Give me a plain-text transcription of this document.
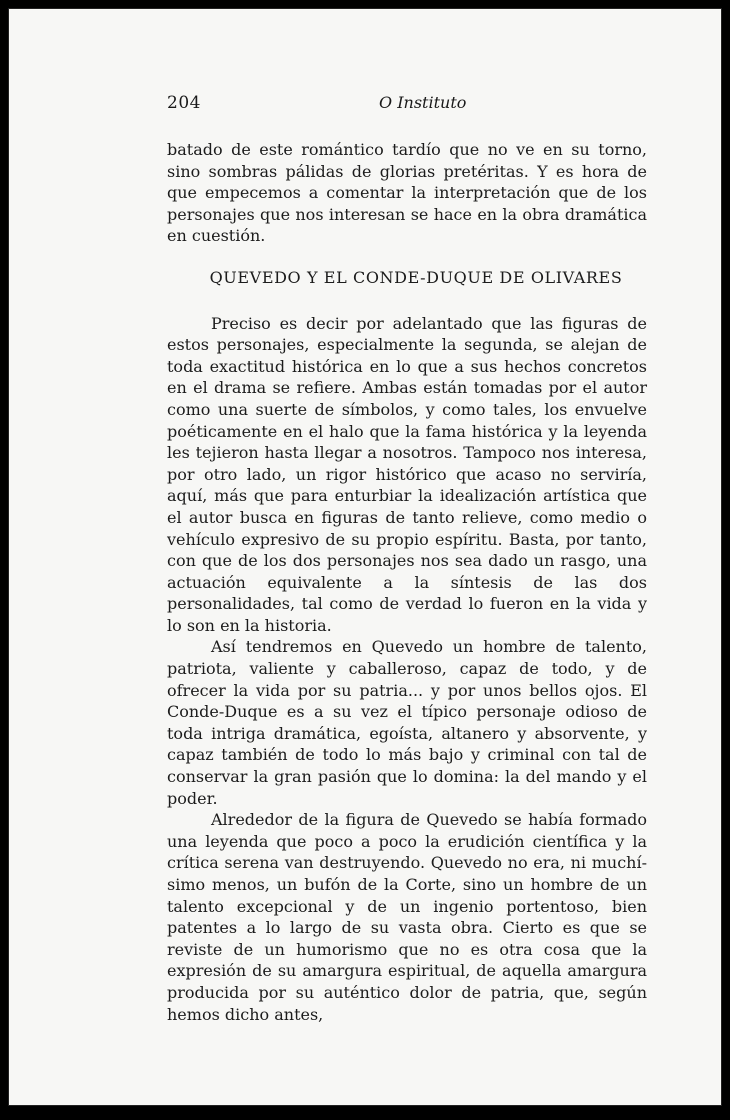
204	O Instituto

batado de este romántico tardío que no ve en su torno, sino sombras pálidas de glorias pretéritas. Y es hora de que empecemos a comentar la interpretación que de los personajes que nos interesan se hace en la obra dramática en cuestión.

QUEVEDO Y EL CONDE-DUQUE DE OLIVARES

Preciso es decir por adelantado que las figuras de estos personajes, especialmente la segunda, se alejan de toda exactitud histórica en lo que a sus hechos concretos en el drama se refiere. Ambas están tomadas por el autor como una suerte de símbolos, y como tales, los envuelve poéticamente en el halo que la fama histórica y la leyenda les tejieron hasta llegar a nosotros. Tampoco nos interesa, por otro lado, un rigor histórico que acaso no serviría, aquí, más que para enturbiar la idealización artística que el autor busca en figuras de tanto relieve, como medio o vehículo expresivo de su propio espíritu. Basta, por tanto, con que de los dos personajes nos sea dado un rasgo, una actuación equivalente a la síntesis de las dos personalidades, tal como de verdad lo fueron en la vida y lo son en la historia.

Así tendremos en Quevedo un hombre de talento, patriota, valiente y caballeroso, capaz de todo, y de ofrecer la vida por su patria... y por unos bellos ojos. El Conde-Duque es a su vez el típico personaje odioso de toda intriga dramática, egoísta, altanero y absorvente, y capaz también de todo lo más bajo y criminal con tal de conservar la gran pasión que lo domina: la del mando y el poder.

Alrededor de la figura de Quevedo se había formado una leyenda que poco a poco la erudición científica y la crítica serena van destruyendo. Quevedo no era, ni muchísimo menos, un bufón de la Corte, sino un hombre de un talento excepcional y de un ingenio portentoso, bien patentes a lo largo de su vasta obra. Cierto es que se reviste de un humorismo que no es otra cosa que la expresión de su amargura espiritual, de aquella amargura producida por su auténtico dolor de patria, que, según hemos dicho antes,
